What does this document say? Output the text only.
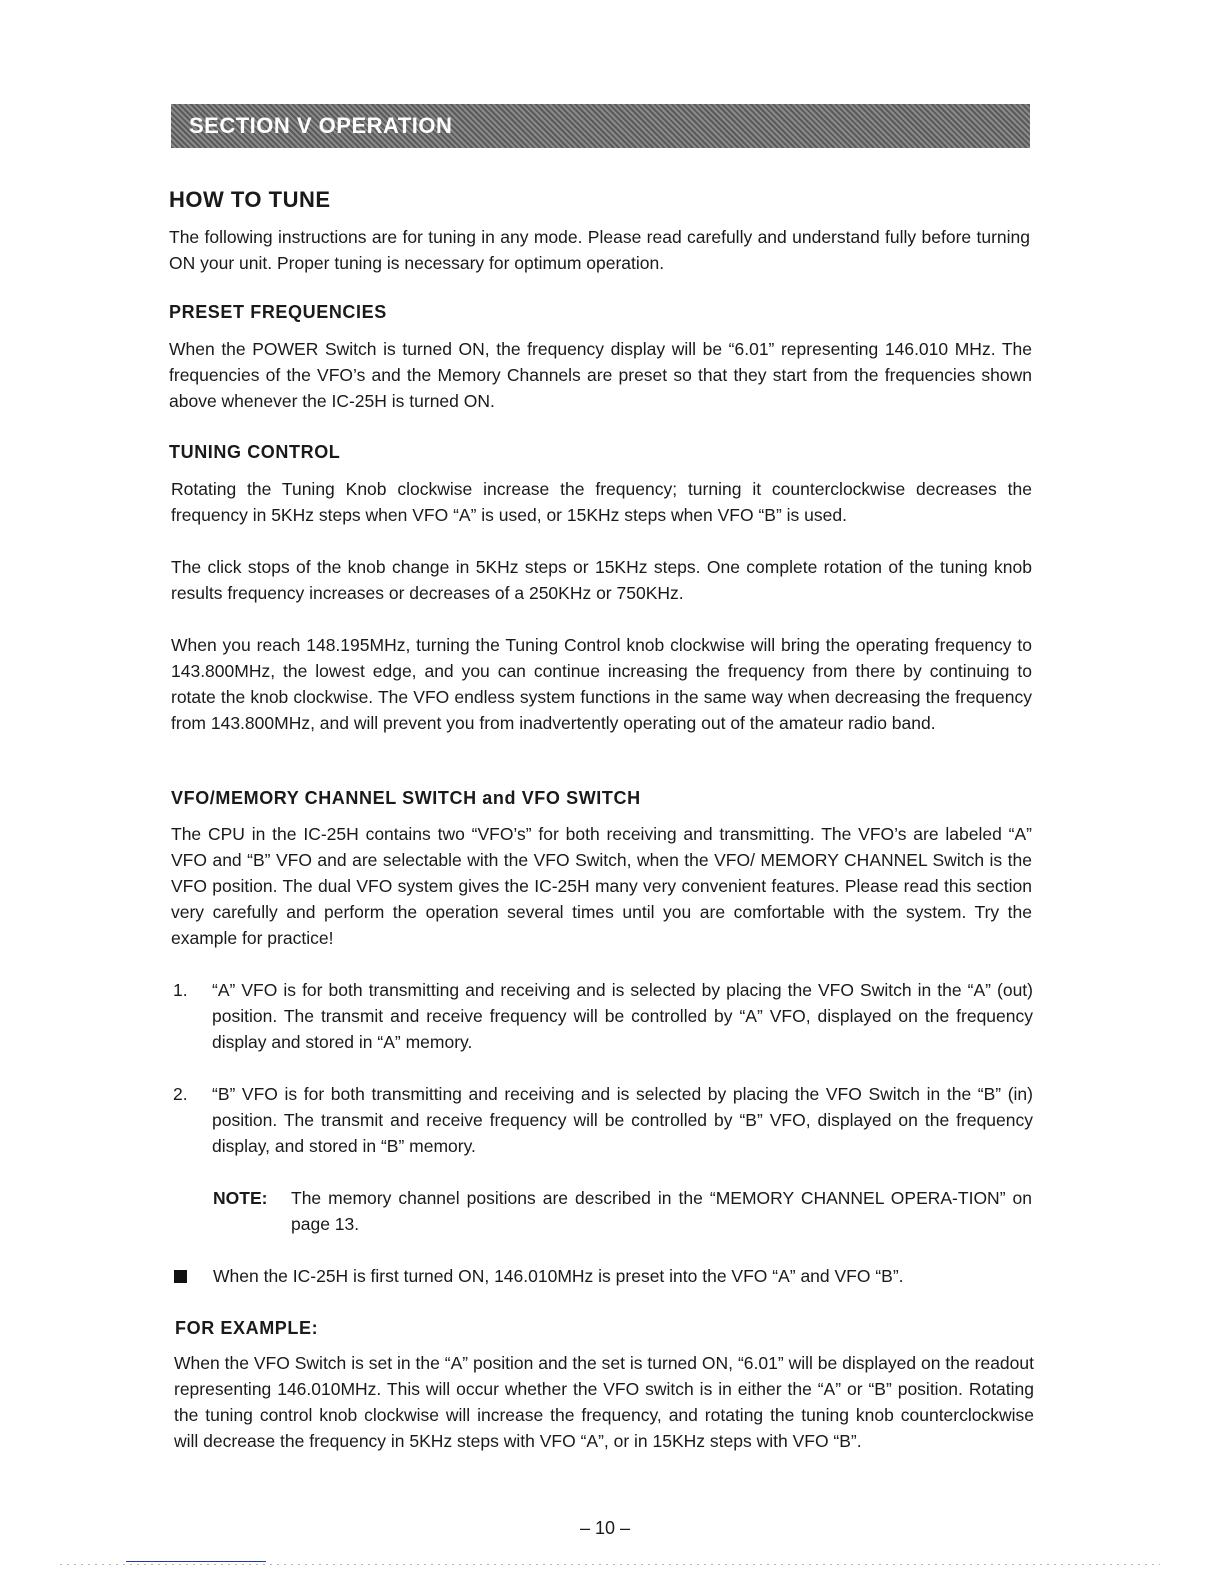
SECTION V OPERATION
HOW TO TUNE

The following instructions are for tuning in any mode. Please read carefully and understand fully before turning ON your unit. Proper tuning is necessary for optimum operation.

PRESET FREQUENCIES

When the POWER Switch is turned ON, the frequency display will be “6.01” representing 146.010 MHz. The frequencies of the VFO’s and the Memory Channels are preset so that they start from the frequencies shown above whenever the IC-25H is turned ON.

TUNING CONTROL

Rotating the Tuning Knob clockwise increase the frequency; turning it counterclockwise decreases the frequency in 5KHz steps when VFO “A” is used, or 15KHz steps when VFO “B” is used.

The click stops of the knob change in 5KHz steps or 15KHz steps. One complete rotation of the tuning knob results frequency increases or decreases of a 250KHz or 750KHz.

When you reach 148.195MHz, turning the Tuning Control knob clockwise will bring the operating frequency to 143.800MHz, the lowest edge, and you can continue increasing the frequency from there by continuing to rotate the knob clockwise. The VFO endless system functions in the same way when decreasing the frequency from 143.800MHz, and will prevent you from inadvertently operating out of the amateur radio band.

VFO/MEMORY CHANNEL SWITCH and VFO SWITCH

The CPU in the IC-25H contains two “VFO’s” for both receiving and transmitting. The VFO’s are labeled “A” VFO and “B” VFO and are selectable with the VFO Switch, when the VFO/ MEMORY CHANNEL Switch is the VFO position. The dual VFO system gives the IC-25H many very convenient features. Please read this section very carefully and perform the operation several times until you are comfortable with the system. Try the example for practice!

1. “A” VFO is for both transmitting and receiving and is selected by placing the VFO Switch in the “A” (out) position. The transmit and receive frequency will be controlled by “A” VFO, displayed on the frequency display and stored in “A” memory.

2. “B” VFO is for both transmitting and receiving and is selected by placing the VFO Switch in the “B” (in) position. The transmit and receive frequency will be controlled by “B” VFO, displayed on the frequency display, and stored in “B” memory.

NOTE: The memory channel positions are described in the “MEMORY CHANNEL OPERA-TION” on page 13.

When the IC-25H is first turned ON, 146.010MHz is preset into the VFO “A” and VFO “B”.

FOR EXAMPLE:

When the VFO Switch is set in the “A” position and the set is turned ON, “6.01” will be displayed on the readout representing 146.010MHz. This will occur whether the VFO switch is in either the “A” or “B” position. Rotating the tuning control knob clockwise will increase the frequency, and rotating the tuning knob counterclockwise will decrease the frequency in 5KHz steps with VFO “A”, or in 15KHz steps with VFO “B”.

– 10 –
